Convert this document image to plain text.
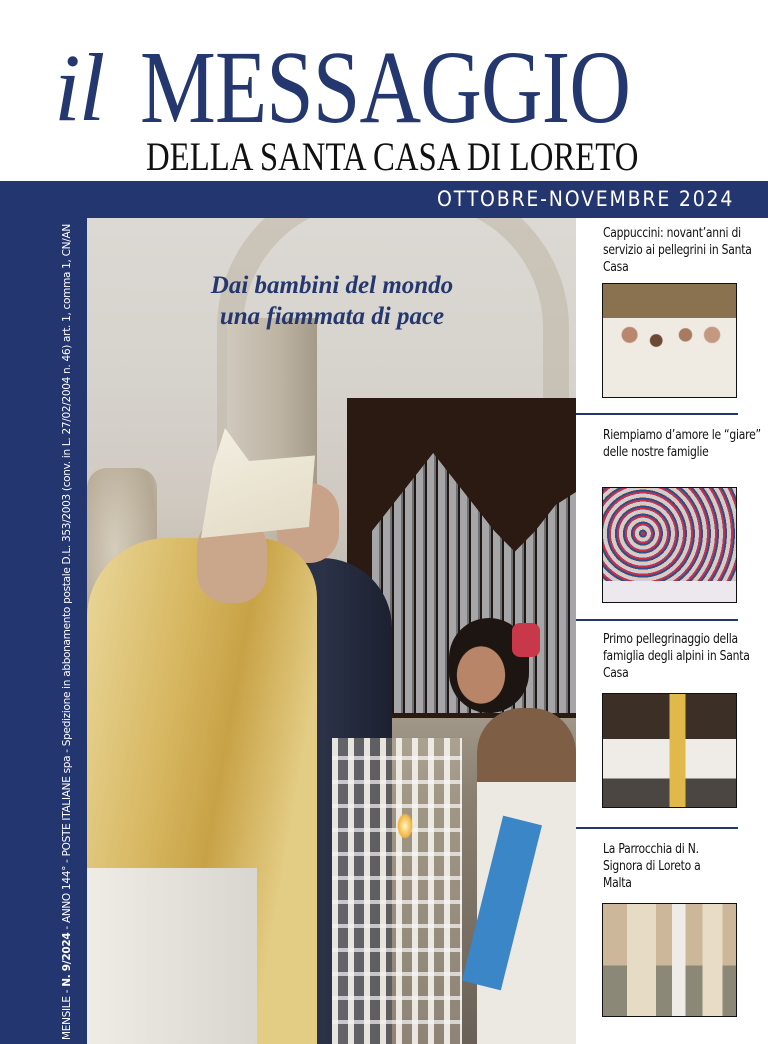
il MESSAGGIO
DELLA SANTA CASA DI LORETO
OTTOBRE-NOVEMBRE 2024
MENSILE - N. 9/2024 - ANNO 144° - POSTE ITALIANE spa - Spedizione in abbonamento postale D.L. 353/2003 (conv. in L. 27/02/2004 n. 46) art. 1, comma 1, CN/AN	Dai bambini del mondo
una fiammata di pace
Cappuccini: novant’anni di servizio ai pellegrini in Santa Casa
Riempiamo d’amore le “giare” delle nostre famiglie
Primo pellegrinaggio della famiglia degli alpini in Santa Casa
La Parrocchia di N. Signora di Loreto a Malta
